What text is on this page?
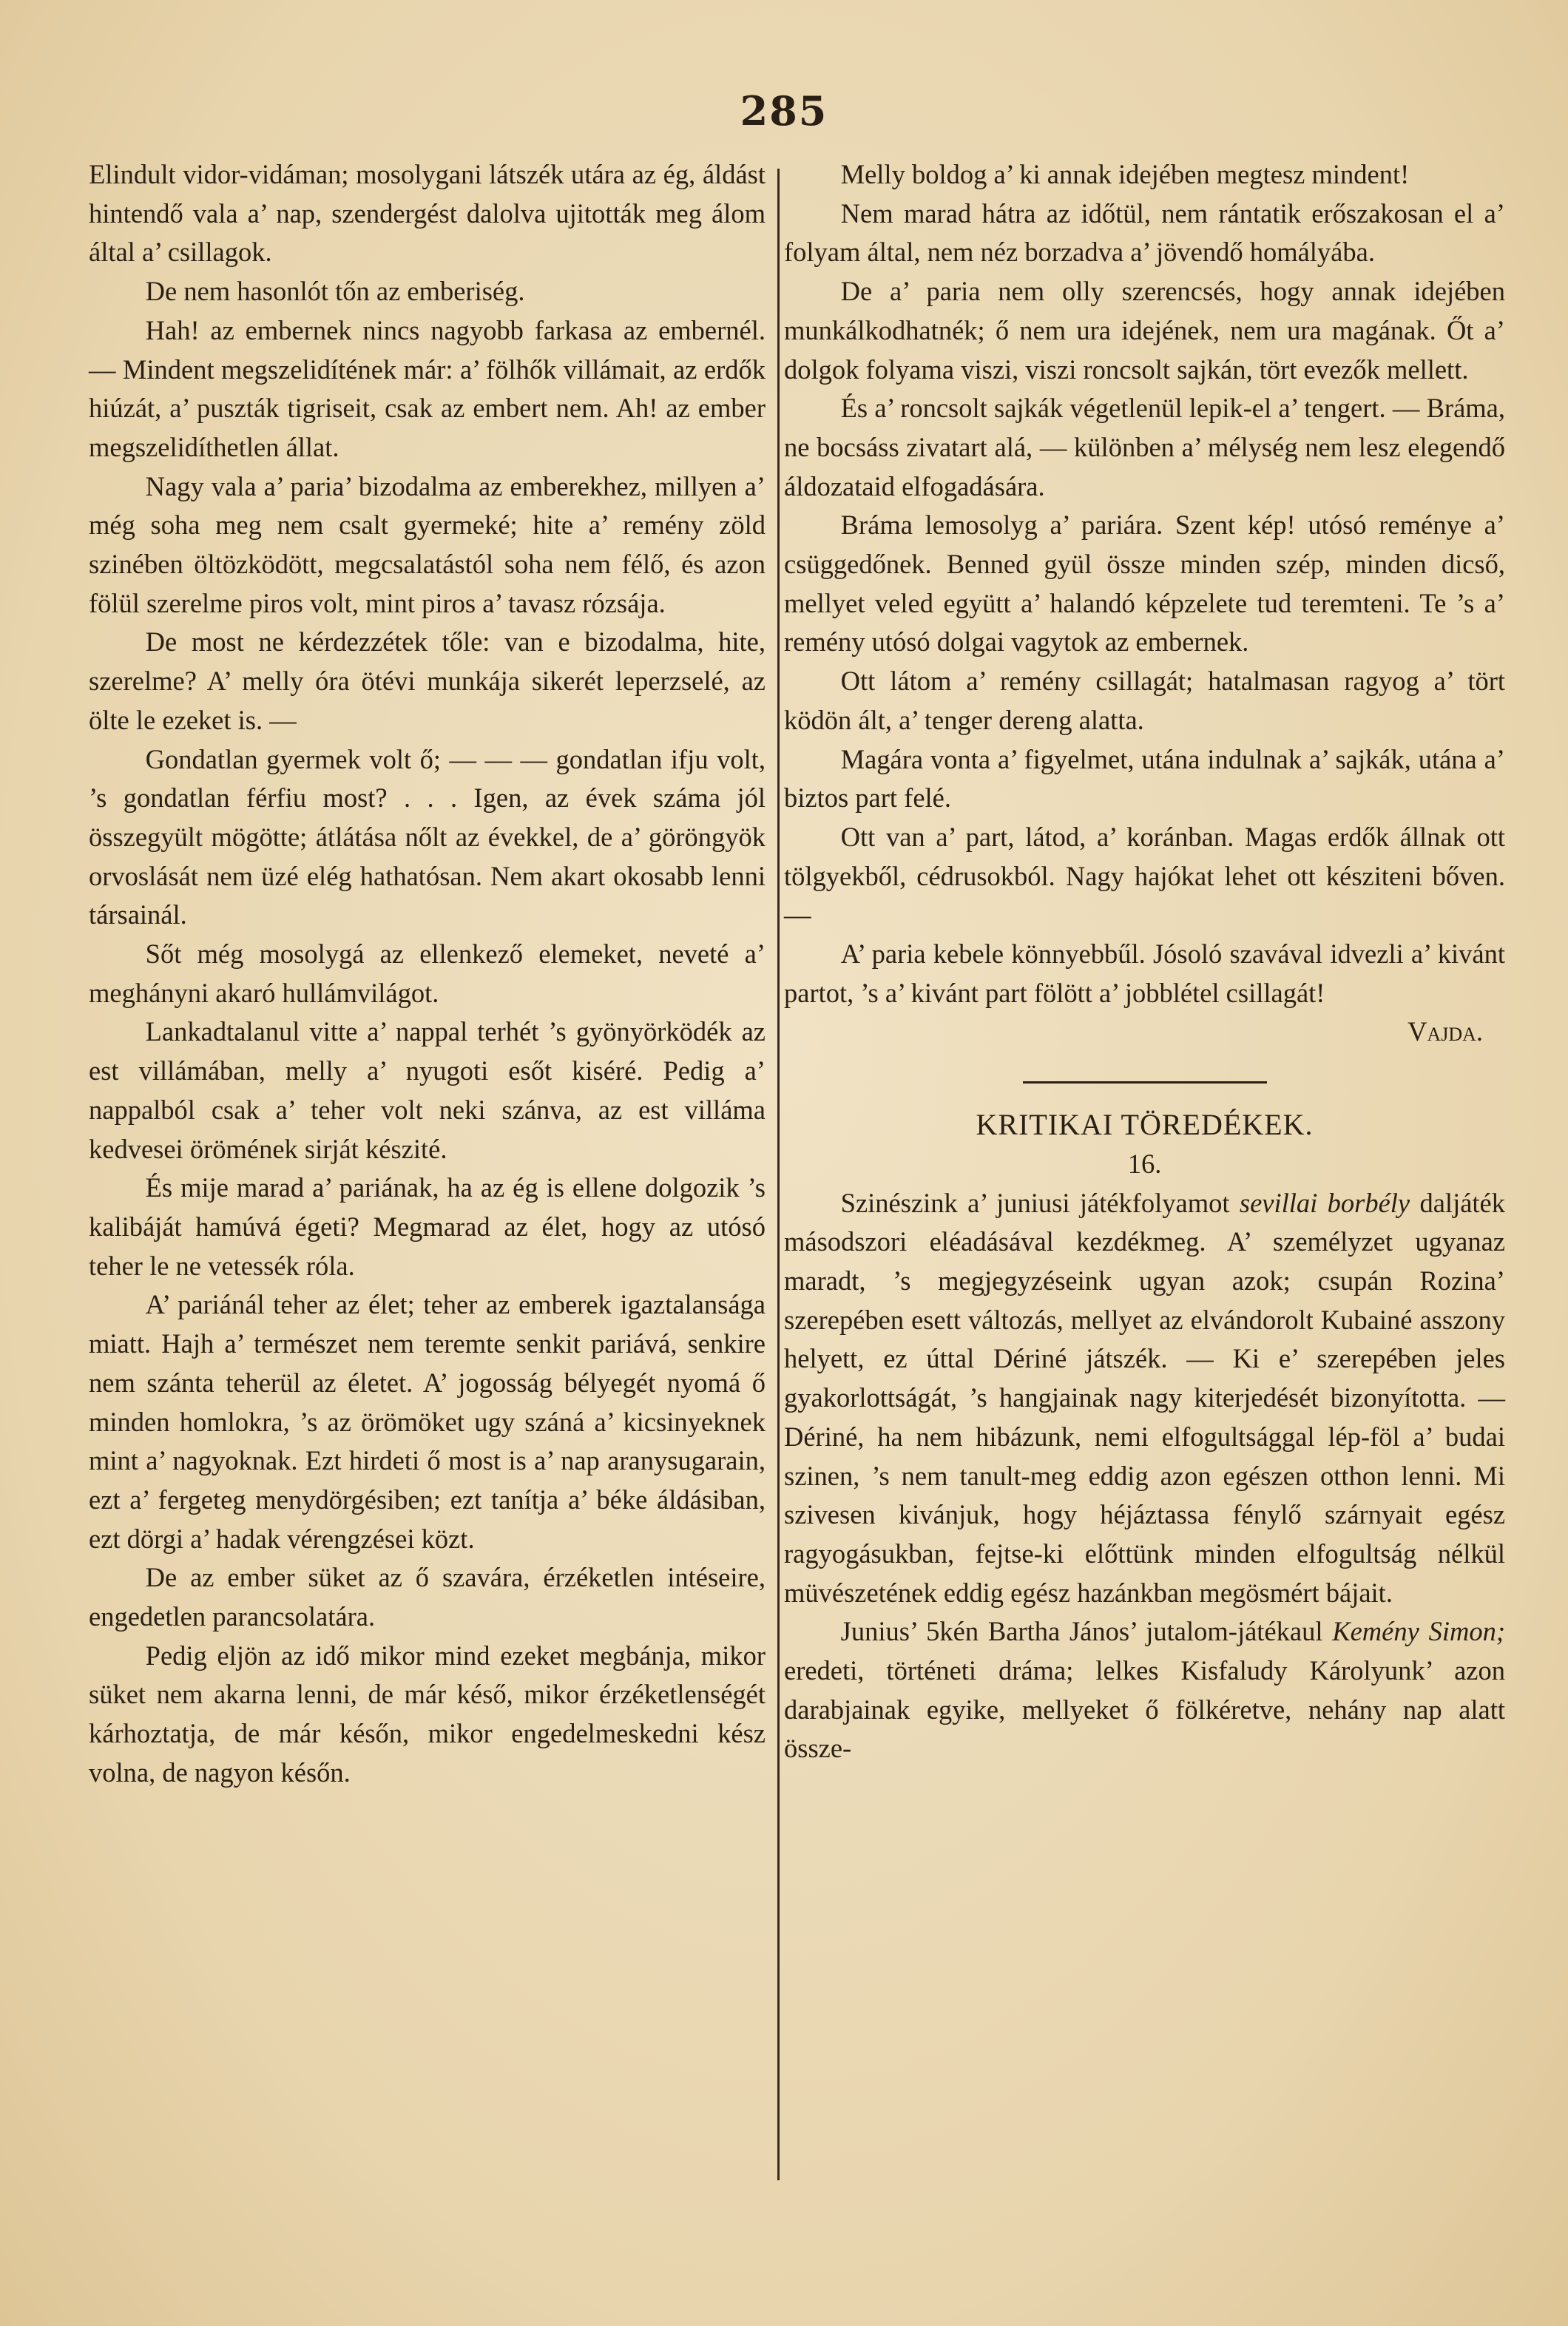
285

Elindult vidor-vidáman; mosolygani látszék utára az ég, áldást hintendő vala a’ nap, szendergést dalolva ujitották meg álom által a’ csillagok.

De nem hasonlót tőn az emberiség.

Hah! az embernek nincs nagyobb farkasa az embernél. — Mindent megszelidítének már: a’ fölhők villámait, az erdők hiúzát, a’ puszták tigriseit, csak az embert nem. Ah! az ember megszelidíthetlen állat.

Nagy vala a’ paria’ bizodalma az emberekhez, millyen a’ még soha meg nem csalt gyermeké; hite a’ remény zöld szinében öltözködött, megcsalatástól soha nem félő, és azon fölül szerelme piros volt, mint piros a’ tavasz rózsája.

De most ne kérdezzétek tőle: van e bizodalma, hite, szerelme? A’ melly óra ötévi munkája sikerét leperzselé, az ölte le ezeket is. —

Gondatlan gyermek volt ő; — — — gondatlan ifju volt, ’s gondatlan férfiu most? . . . Igen, az évek száma jól összegyült mögötte; átlátása nőlt az évekkel, de a’ göröngyök orvoslását nem üzé elég hathatósan. Nem akart okosabb lenni társainál.

Sőt még mosolygá az ellenkező elemeket, neveté a’ meghányni akaró hullámvilágot.

Lankadtalanul vitte a’ nappal terhét ’s gyönyörködék az est villámában, melly a’ nyugoti esőt kiséré. Pedig a’ nappalból csak a’ teher volt neki szánva, az est villáma kedvesei örömének sirját készité.

És mije marad a’ pariának, ha az ég is ellene dolgozik ’s kalibáját hamúvá égeti? Megmarad az élet, hogy az utósó teher le ne vetessék róla.

A’ pariánál teher az élet; teher az emberek igaztalansága miatt. Hajh a’ természet nem teremte senkit pariává, senkire nem szánta teherül az életet. A’ jogosság bélyegét nyomá ő minden homlokra, ’s az örömöket ugy száná a’ kicsinyeknek mint a’ nagyoknak. Ezt hirdeti ő most is a’ nap aranysugarain, ezt a’ fergeteg menydörgésiben; ezt tanítja a’ béke áldásiban, ezt dörgi a’ hadak vérengzései közt.

De az ember süket az ő szavára, érzéketlen intéseire, engedetlen parancsolatára.

Pedig eljön az idő mikor mind ezeket megbánja, mikor süket nem akarna lenni, de már késő, mikor érzéketlenségét kárhoztatja, de már későn, mikor engedelmeskedni kész volna, de nagyon későn.

Melly boldog a’ ki annak idejében megtesz mindent!

Nem marad hátra az időtül, nem rántatik erőszakosan el a’ folyam által, nem néz borzadva a’ jövendő homályába.

De a’ paria nem olly szerencsés, hogy annak idejében munkálkodhatnék; ő nem ura idejének, nem ura magának. Őt a’ dolgok folyama viszi, viszi roncsolt sajkán, tört evezők mellett.

És a’ roncsolt sajkák végetlenül lepik-el a’ tengert. — Bráma, ne bocsáss zivatart alá, — különben a’ mélység nem lesz elegendő áldozataid elfogadására.

Bráma lemosolyg a’ pariára. Szent kép! utósó reménye a’ csüggedőnek. Benned gyül össze minden szép, minden dicső, mellyet veled együtt a’ halandó képzelete tud teremteni. Te ’s a’ remény utósó dolgai vagytok az embernek.

Ott látom a’ remény csillagát; hatalmasan ragyog a’ tört ködön ált, a’ tenger dereng alatta.

Magára vonta a’ figyelmet, utána indulnak a’ sajkák, utána a’ biztos part felé.

Ott van a’ part, látod, a’ koránban. Magas erdők állnak ott tölgyekből, cédrusokból. Nagy hajókat lehet ott késziteni bőven. —

A’ paria kebele könnyebbűl. Jósoló szavával idvezli a’ kivánt partot, ’s a’ kivánt part fölött a’ jobblétel csillagát!

Vajda.

KRITIKAI TÖREDÉKEK.

16.

Szinészink a’ juniusi játékfolyamot sevillai borbély daljáték másodszori eléadásával kezdékmeg. A’ személyzet ugyanaz maradt, ’s megjegyzéseink ugyan azok; csupán Rozina’ szerepében esett változás, mellyet az elvándorolt Kubainé asszony helyett, ez úttal Dériné játszék. — Ki e’ szerepében jeles gyakorlottságát, ’s hangjainak nagy kiterjedését bizonyította. — Dériné, ha nem hibázunk, nemi elfogultsággal lép-föl a’ budai szinen, ’s nem tanult-meg eddig azon egészen otthon lenni. Mi szivesen kivánjuk, hogy héjáztassa fénylő szárnyait egész ragyogásukban, fejtse-ki előttünk minden elfogultság nélkül müvészetének eddig egész hazánkban megösmért bájait.

Junius’ 5kén Bartha János’ jutalom-játékaul Kemény Simon; eredeti, történeti dráma; lelkes Kisfaludy Károlyunk’ azon darabjainak egyike, mellyeket ő fölkéretve, nehány nap alatt össze-
